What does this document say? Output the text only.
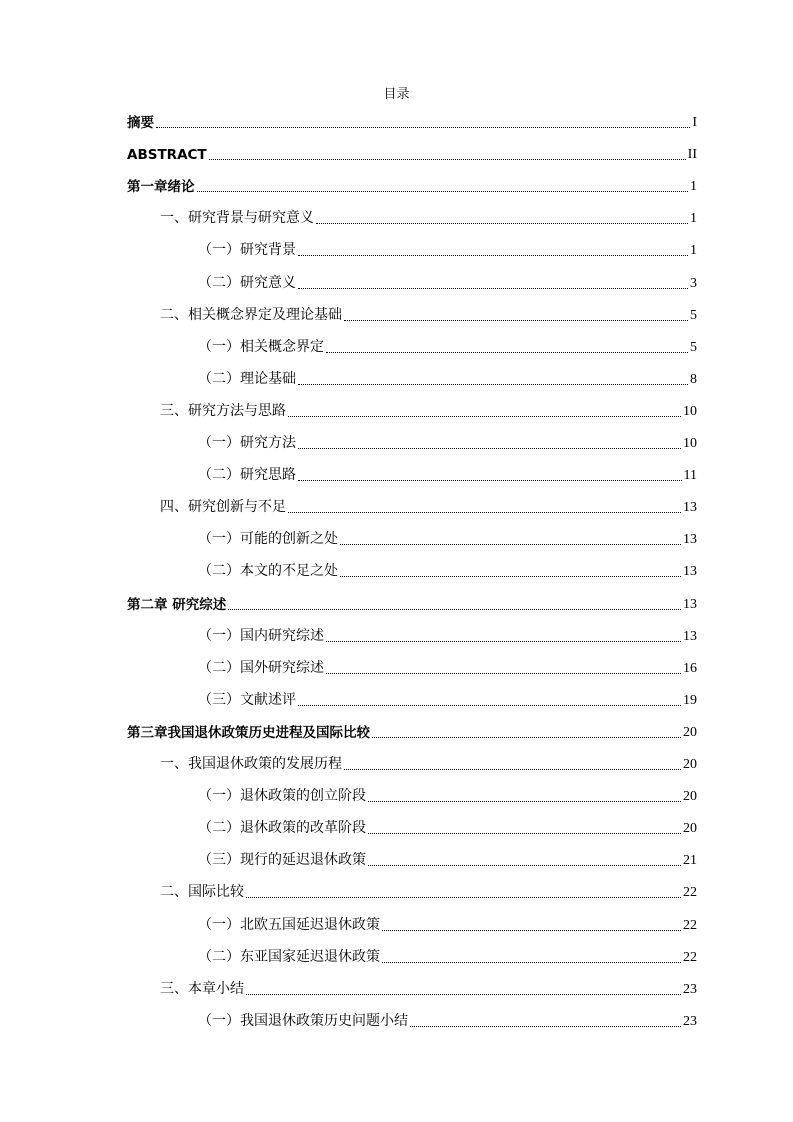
目录
摘要	I
ABSTRACT	II
第一章绪论	1
一、研究背景与研究意义	1
（一）研究背景	1
（二）研究意义	3
二、相关概念界定及理论基础	5
（一）相关概念界定	5
（二）理论基础	8
三、研究方法与思路	10
（一）研究方法	10
（二）研究思路	11
四、研究创新与不足	13
（一）可能的创新之处	13
（二）本文的不足之处	13
第二章 研究综述	13
（一）国内研究综述	13
（二）国外研究综述	16
（三）文献述评	19
第三章我国退休政策历史进程及国际比较	20
一、我国退休政策的发展历程	20
（一）退休政策的创立阶段	20
（二）退休政策的改革阶段	20
（三）现行的延迟退休政策	21
二、国际比较	22
（一）北欧五国延迟退休政策	22
（二）东亚国家延迟退休政策	22
三、本章小结	23
（一）我国退休政策历史问题小结	23
